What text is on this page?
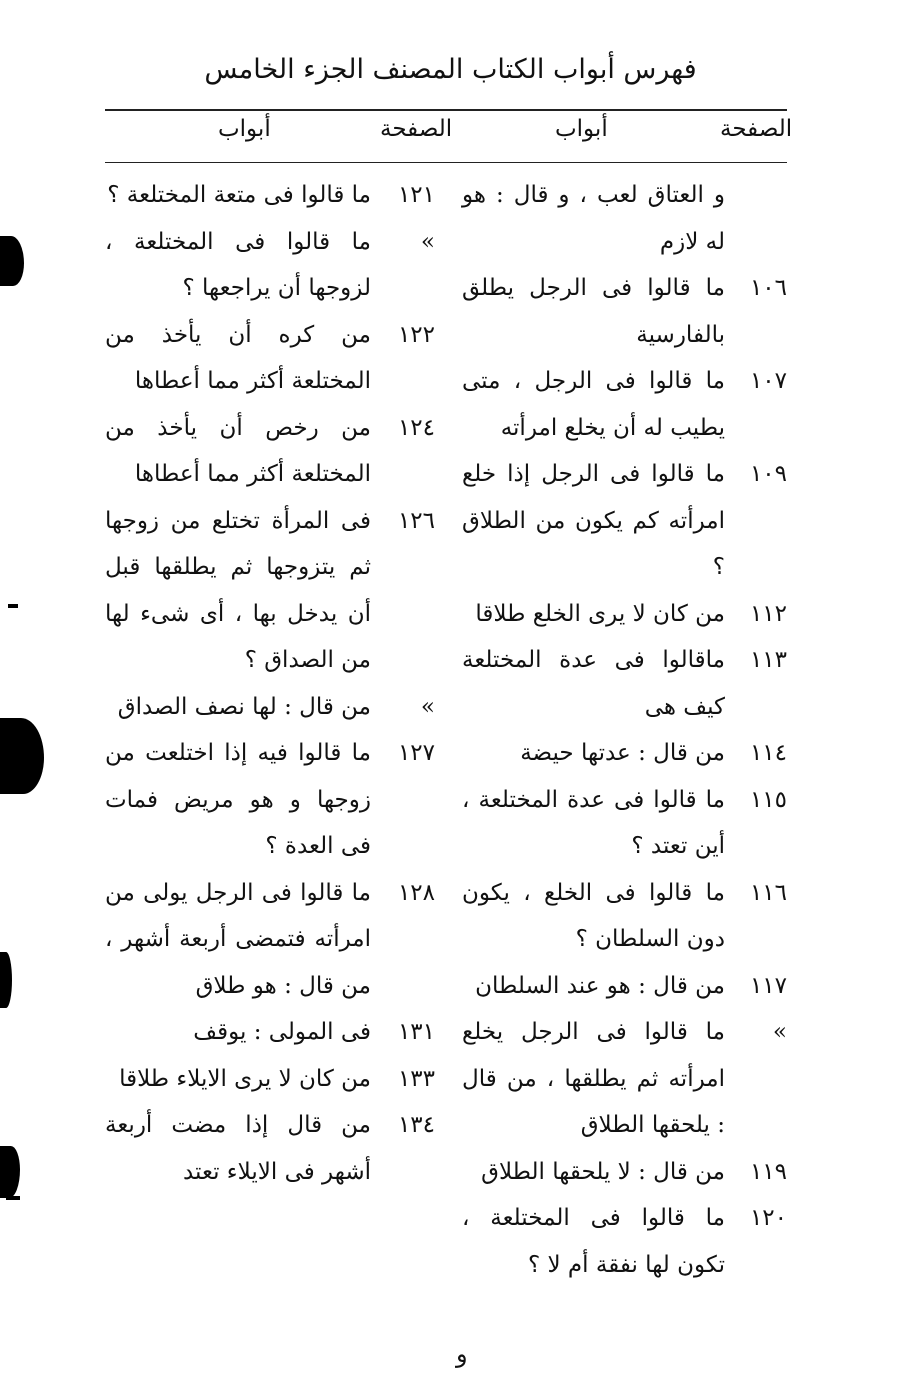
فهرس أبواب الكتاب المصنف الجزء الخامس
الصفحة
أبواب
الصفحة
أبواب
و العتاق لعب ، و قال : هو له لازم
١٠٦
ما قالوا فى الرجل يطلق بالفارسية
١٠٧
ما قالوا فى الرجل ، متى يطيب له أن يخلع امرأته
١٠٩
ما قالوا فى الرجل إذا خلع امرأته كم يكون من الطلاق ؟
١١٢
من كان لا يرى الخلع طلاقا
١١٣
ماقالوا فى عدة المختلعة كيف هى
١١٤
من قال : عدتها حيضة
١١٥
ما قالوا فى عدة المختلعة ، أين تعتد ؟
١١٦
ما قالوا فى الخلع ، يكون دون السلطان ؟
١١٧
من قال : هو عند السلطان
»
ما قالوا فى الرجل يخلع امرأته ثم يطلقها ، من قال : يلحقها الطلاق
١١٩
من قال : لا يلحقها الطلاق
١٢٠
ما قالوا فى المختلعة ، تكون لها نفقة أم لا ؟
١٢١
ما قالوا فى متعة المختلعة ؟
»
ما قالوا فى المختلعة ، لزوجها أن يراجعها ؟
١٢٢
من كره أن يأخذ من المختلعة أكثر مما أعطاها
١٢٤
من رخص أن يأخذ من المختلعة أكثر مما أعطاها
١٢٦
فى المرأة تختلع من زوجها ثم يتزوجها ثم يطلقها قبل أن يدخل بها ، أى شىء لها من الصداق ؟
»
من قال : لها نصف الصداق
١٢٧
ما قالوا فيه إذا اختلعت من زوجها و هو مريض فمات فى العدة ؟
١٢٨
ما قالوا فى الرجل يولى من امرأته فتمضى أربعة أشهر ، من قال : هو طلاق
١٣١
فى المولى : يوقف
١٣٣
من كان لا يرى الايلاء طلاقا
١٣٤
من قال إذا مضت أربعة أشهر فى الايلاء تعتد
و
